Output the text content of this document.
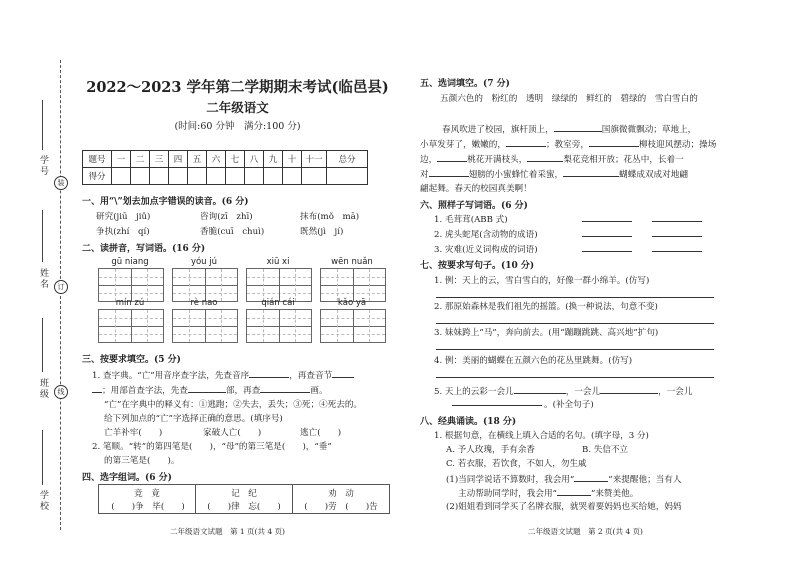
学号
姓名
班级
学校
装
订
线
2022～2023 学年第二学期期末考试(临邑县)
二年级语文
(时间:60 分钟　满分:100 分)
题号	一	二	三	四	五	六	七	八	九	十	十一	总分
得分												
一、用“\”划去加点字错误的读音。(6 分)
研究(jiū　jiǔ)	咨询(zī　zhī)	抹布(mǒ　mā)
争执(zhí　qí)	香脆(cuī　chuì)	既然(jì　jí)
二、读拼音，写词语。(16 分)
三、按要求填空。(5 分)
1. 查字典。“亡”用音序查字法，先查音序	，再查音节
；用部首查字法，先查	部，再查	画。
“亡”在字典中的释义有：①逃跑；②失去，丢失；③死；④死去的。
给下列加点的“亡”字选择正确的意思。(填序号)
亡羊补牢(　　)	家破人亡(　　)	逃亡(　　)
2. 笔顺。“转”的第四笔是(　　)，“母”的第三笔是(　　)，“垂”
的第三笔是(　　)。
四、选字组词。(6 分)
竞　竟	记　纪	劝　动
(　　)争　毕(　　)	(　　)律　忘(　　)	(　　)劳　(　　)告
二年级语文试题　第 1 页(共 4 页)
五、选词填空。(7 分)
五颜六色的　粉红的　透明　绿绿的　鲜红的　碧绿的　雪白雪白的
春风吹进了校园，旗杆顶上，	国旗微微飘动；草地上，
小草发芽了，嫩嫩的，	；教室旁，	柳枝迎风摆动；操场
边，	桃花开满枝头，	梨花竞相开放；花丛中，长着一
对	翅膀的小蜜蜂忙着采蜜，	蝴蝶成双成对地翩
翩起舞。春天的校园真美啊！
六、照样子写词语。(6 分)
1. 毛茸茸(ABB 式)
2. 虎头蛇尾(含动物的成语)
3. 灾难(近义词构成的词语)
七、按要求写句子。(10 分)
1. 例：天上的云，雪白雪白的，好像一群小绵羊。(仿写)
2. 那原始森林是我们祖先的摇篮。(换一种说法，句意不变)
3. 妹妹跨上“马”，奔向前去。(用“蹦蹦跳跳、高兴地”扩句)
4. 例：美丽的蝴蝶在五颜六色的花丛里跳舞。(仿写)
5. 天上的云彩一会儿	，一会儿	，一会儿
。(补全句子)
八、经典诵读。(18 分)
1. 根据句意，在横线上填入合适的名句。(填字母，3 分)
A. 予人玫瑰，手有余香	B. 失信不立
C. 若衣服，若饮食，不如人，勿生戚
(1)当同学说话不算数时，我会用“	”来提醒他；当有人
主动帮助同学时，我会用“	”来赞美他。
(2)姐姐看到同学买了名牌衣服，就哭着要妈妈也买给她，妈妈
二年级语文试题　第 2 页(共 4 页)
gū niang	yóu jú	xiū xi	wēn nuǎn
mín zú	rè nao	qián cái	kǎo yā
